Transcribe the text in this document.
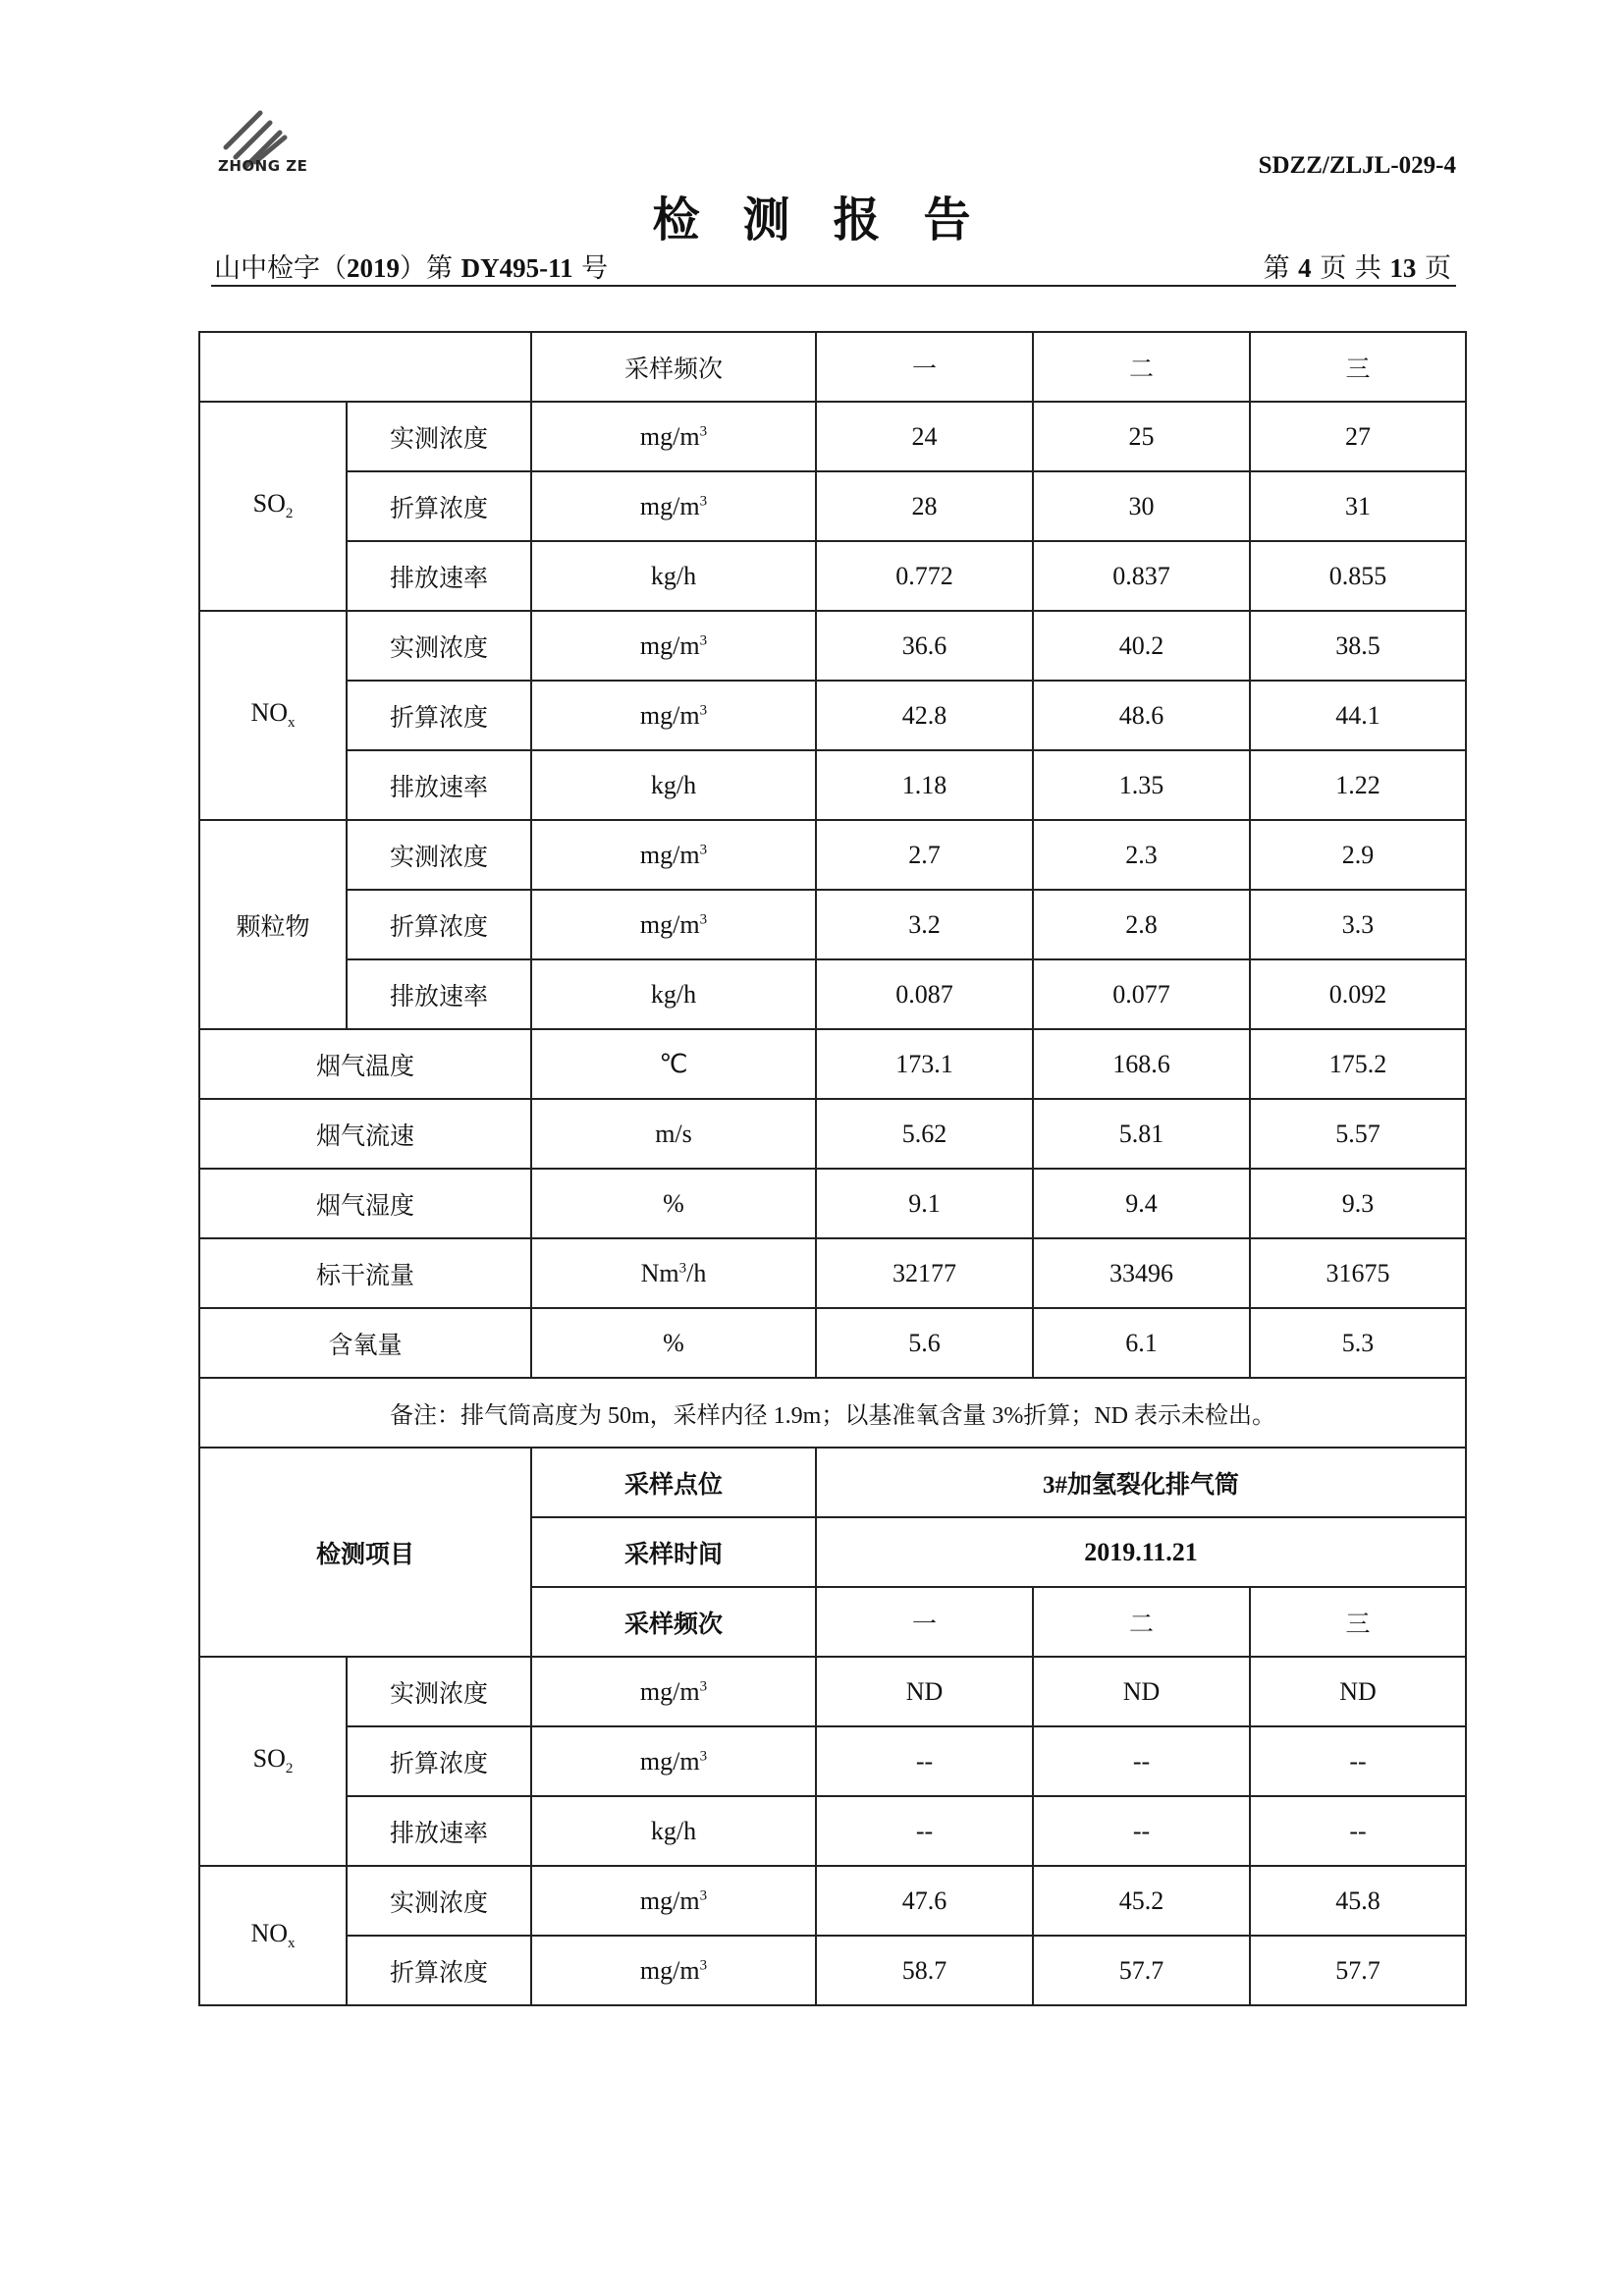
ZHONG ZE	SDZZ/ZLJL-029-4
检测报告
山中检字（2019）第 DY495-11 号	第 4 页 共 13 页
		采样频次	一	二	三
$SO_2$	实测浓度	$mg/m^3$	24	25	27
	折算浓度	$mg/m^3$	28	30	31
	排放速率	kg/h	0.772	0.837	0.855
$NO_x$	实测浓度	$mg/m^3$	36.6	40.2	38.5
	折算浓度	$mg/m^3$	42.8	48.6	44.1
	排放速率	kg/h	1.18	1.35	1.22
颗粒物	实测浓度	$mg/m^3$	2.7	2.3	2.9
	折算浓度	$mg/m^3$	3.2	2.8	3.3
	排放速率	kg/h	0.087	0.077	0.092
烟气温度		℃	173.1	168.6	175.2
烟气流速		m/s	5.62	5.81	5.57
烟气湿度		%	9.1	9.4	9.3
标干流量		Nm$^3$/h	32177	33496	31675
含氧量		%	5.6	6.1	5.3
备注：排气筒高度为 50m，采样内径 1.9m；以基准氧含量 3%折算；ND 表示未检出。					
检测项目		采样点位	3#加氢裂化排气筒		
		采样时间	2019.11.21		
		采样频次	一	二	三
$SO_2$	实测浓度	$mg/m^3$	ND	ND	ND
	折算浓度	$mg/m^3$	--	--	--
	排放速率	kg/h	--	--	--
$NO_x$	实测浓度	$mg/m^3$	47.6	45.2	45.8
	折算浓度	$mg/m^3$	58.7	57.7	57.7
